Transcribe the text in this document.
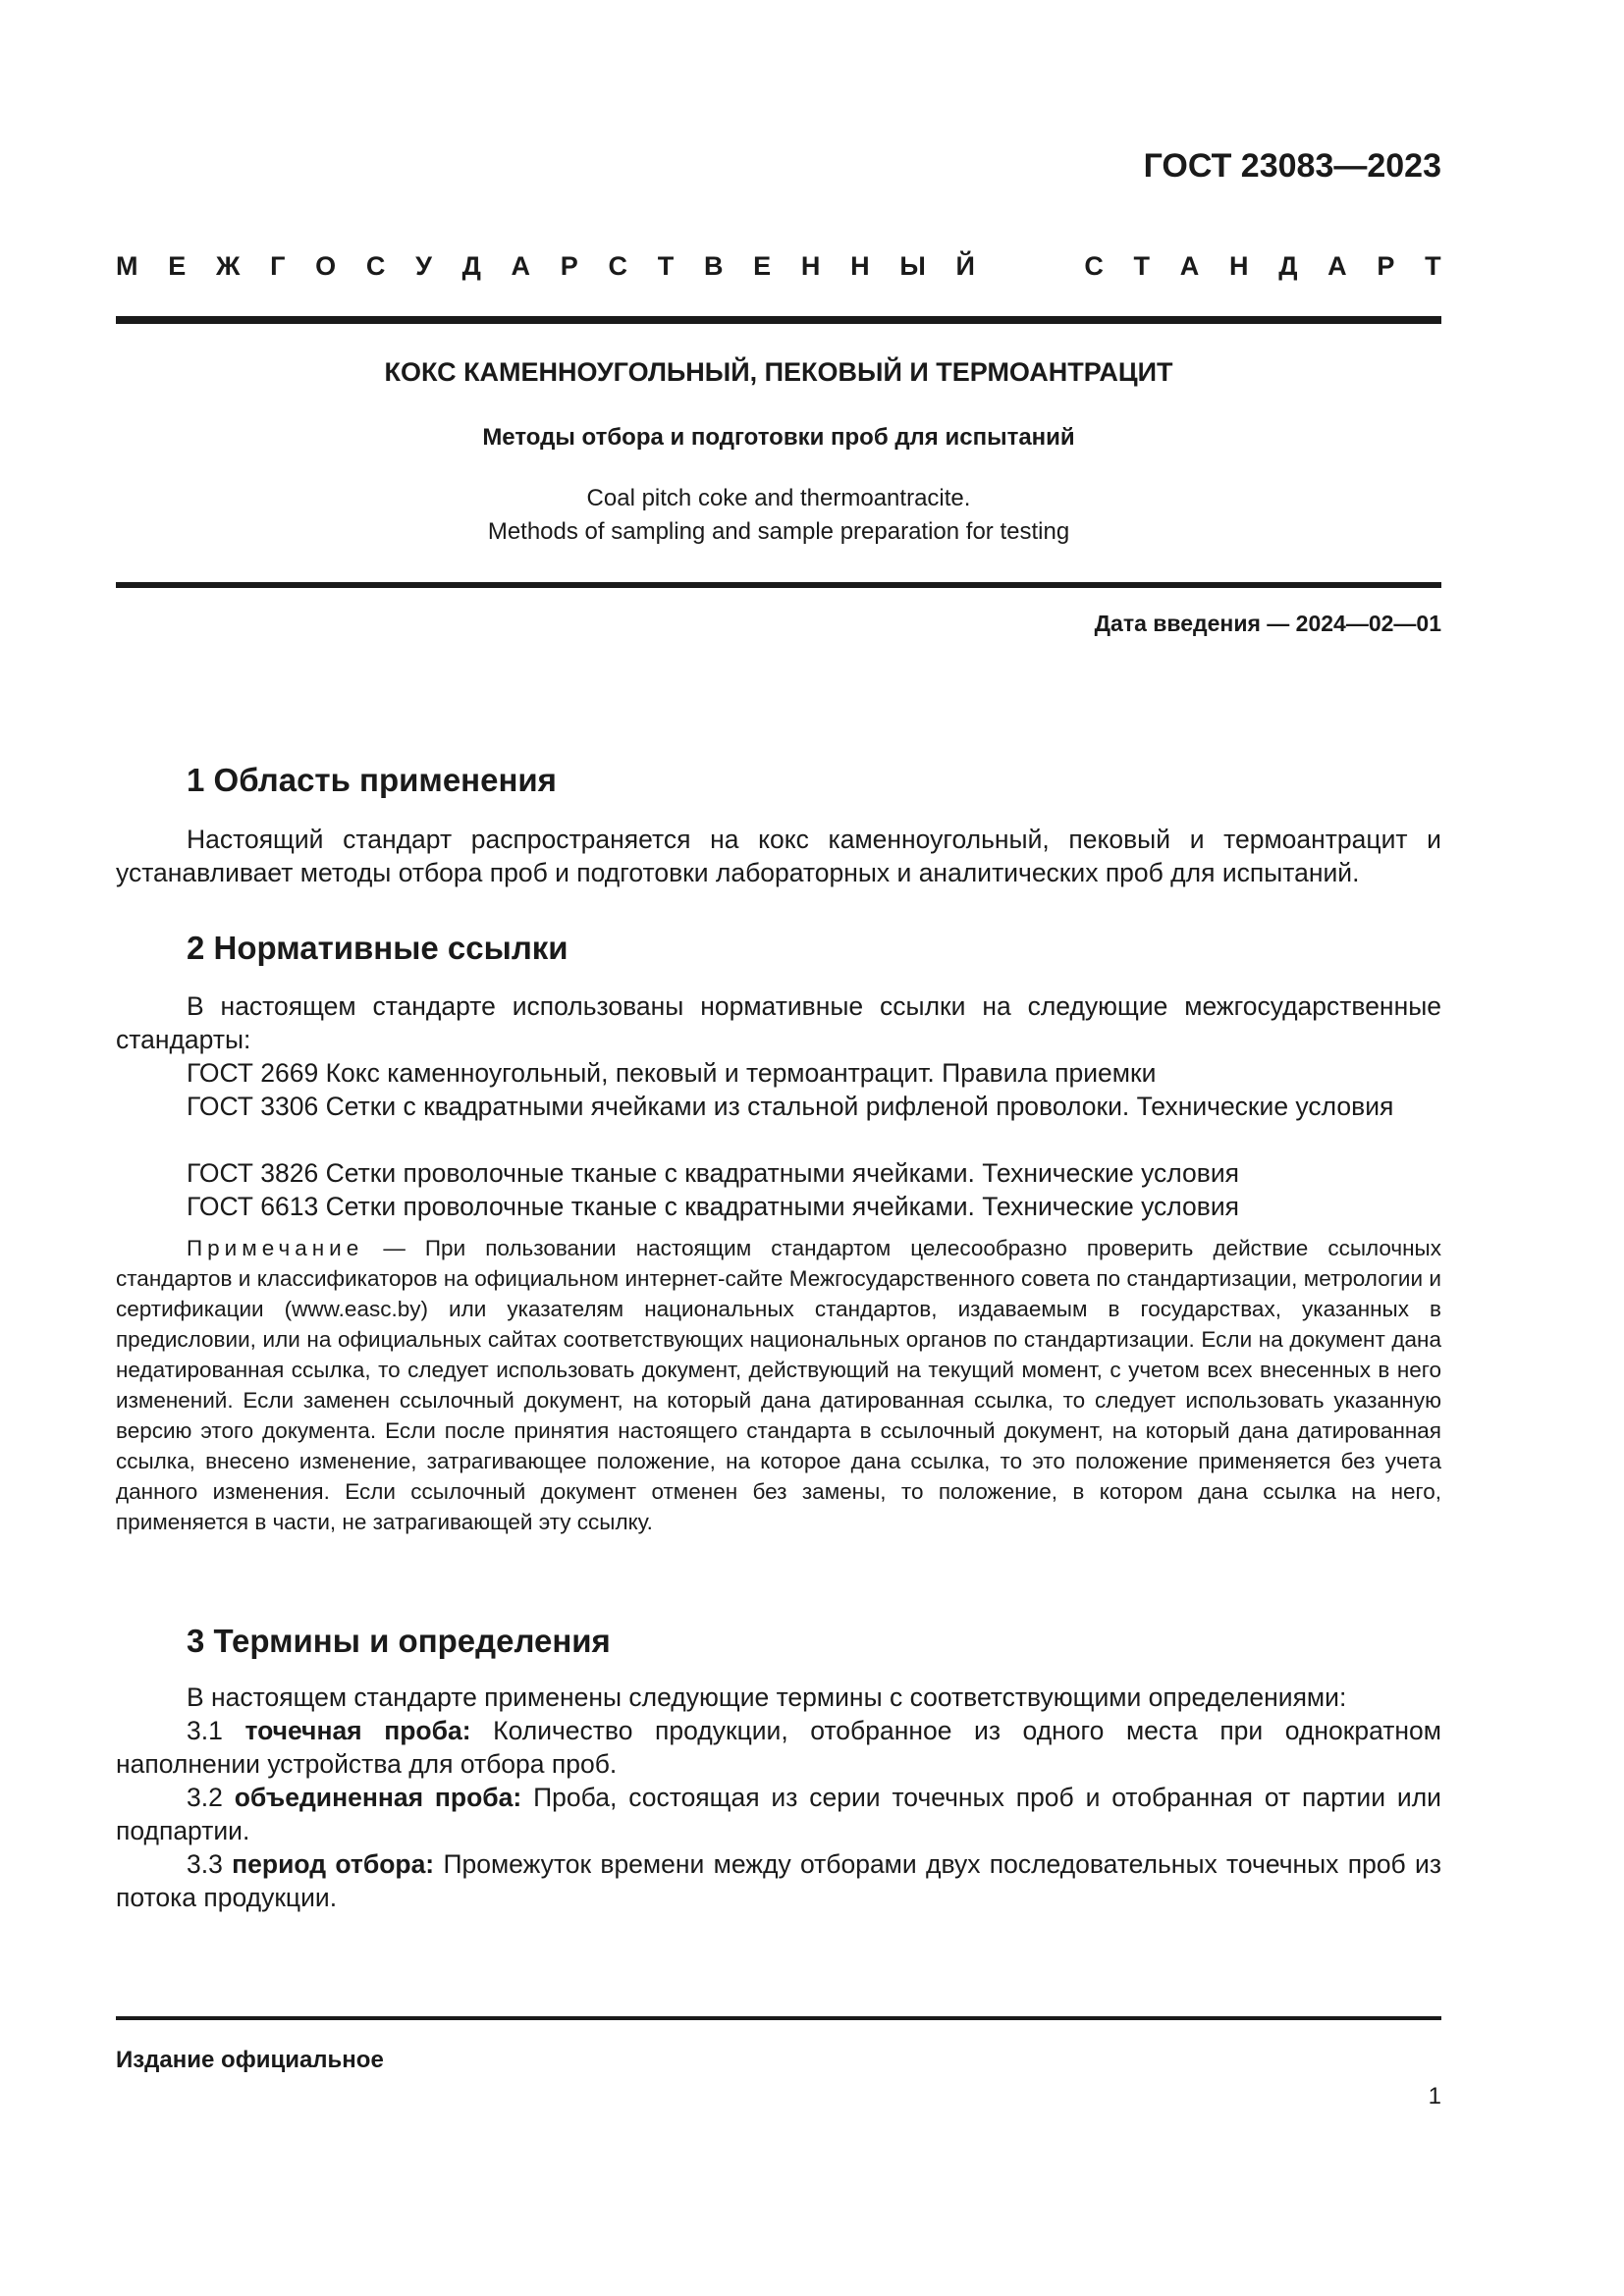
ГОСТ 23083—2023
М Е Ж Г О С У Д А Р С Т В Е Н Н Ы Й	С Т А Н Д А Р Т
КОКС КАМЕННОУГОЛЬНЫЙ, ПЕКОВЫЙ И ТЕРМОАНТРАЦИТ
Методы отбора и подготовки проб для испытаний
Coal pitch coke and thermoantracite.
Methods of sampling and sample preparation for testing
Дата введения — 2024—02—01
1 Область применения
Настоящий стандарт распространяется на кокс каменноугольный, пековый и термоантрацит и устанавливает методы отбора проб и подготовки лабораторных и аналитических проб для испытаний.
2 Нормативные ссылки
В настоящем стандарте использованы нормативные ссылки на следующие межгосударственные стандарты:
ГОСТ 2669 Кокс каменноугольный, пековый и термоантрацит. Правила приемки
ГОСТ 3306 Сетки с квадратными ячейками из стальной рифленой проволоки. Технические условия
ГОСТ 3826 Сетки проволочные тканые с квадратными ячейками. Технические условия
ГОСТ 6613 Сетки проволочные тканые с квадратными ячейками. Технические условия
Примечание — При пользовании настоящим стандартом целесообразно проверить действие ссылочных стандартов и классификаторов на официальном интернет-сайте Межгосударственного совета по стандартизации, метрологии и сертификации (www.easc.by) или указателям национальных стандартов, издаваемым в государствах, указанных в предисловии, или на официальных сайтах соответствующих национальных органов по стандартизации. Если на документ дана недатированная ссылка, то следует использовать документ, действующий на текущий момент, с учетом всех внесенных в него изменений. Если заменен ссылочный документ, на который дана датированная ссылка, то следует использовать указанную версию этого документа. Если после принятия настоящего стандарта в ссылочный документ, на который дана датированная ссылка, внесено изменение, затрагивающее положение, на которое дана ссылка, то это положение применяется без учета данного изменения. Если ссылочный документ отменен без замены, то положение, в котором дана ссылка на него, применяется в части, не затрагивающей эту ссылку.
3 Термины и определения
В настоящем стандарте применены следующие термины с соответствующими определениями:
3.1 точечная проба: Количество продукции, отобранное из одного места при однократном наполнении устройства для отбора проб.
3.2 объединенная проба: Проба, состоящая из серии точечных проб и отобранная от партии или подпартии.
3.3 период отбора: Промежуток времени между отборами двух последовательных точечных проб из потока продукции.
Издание официальное
1
